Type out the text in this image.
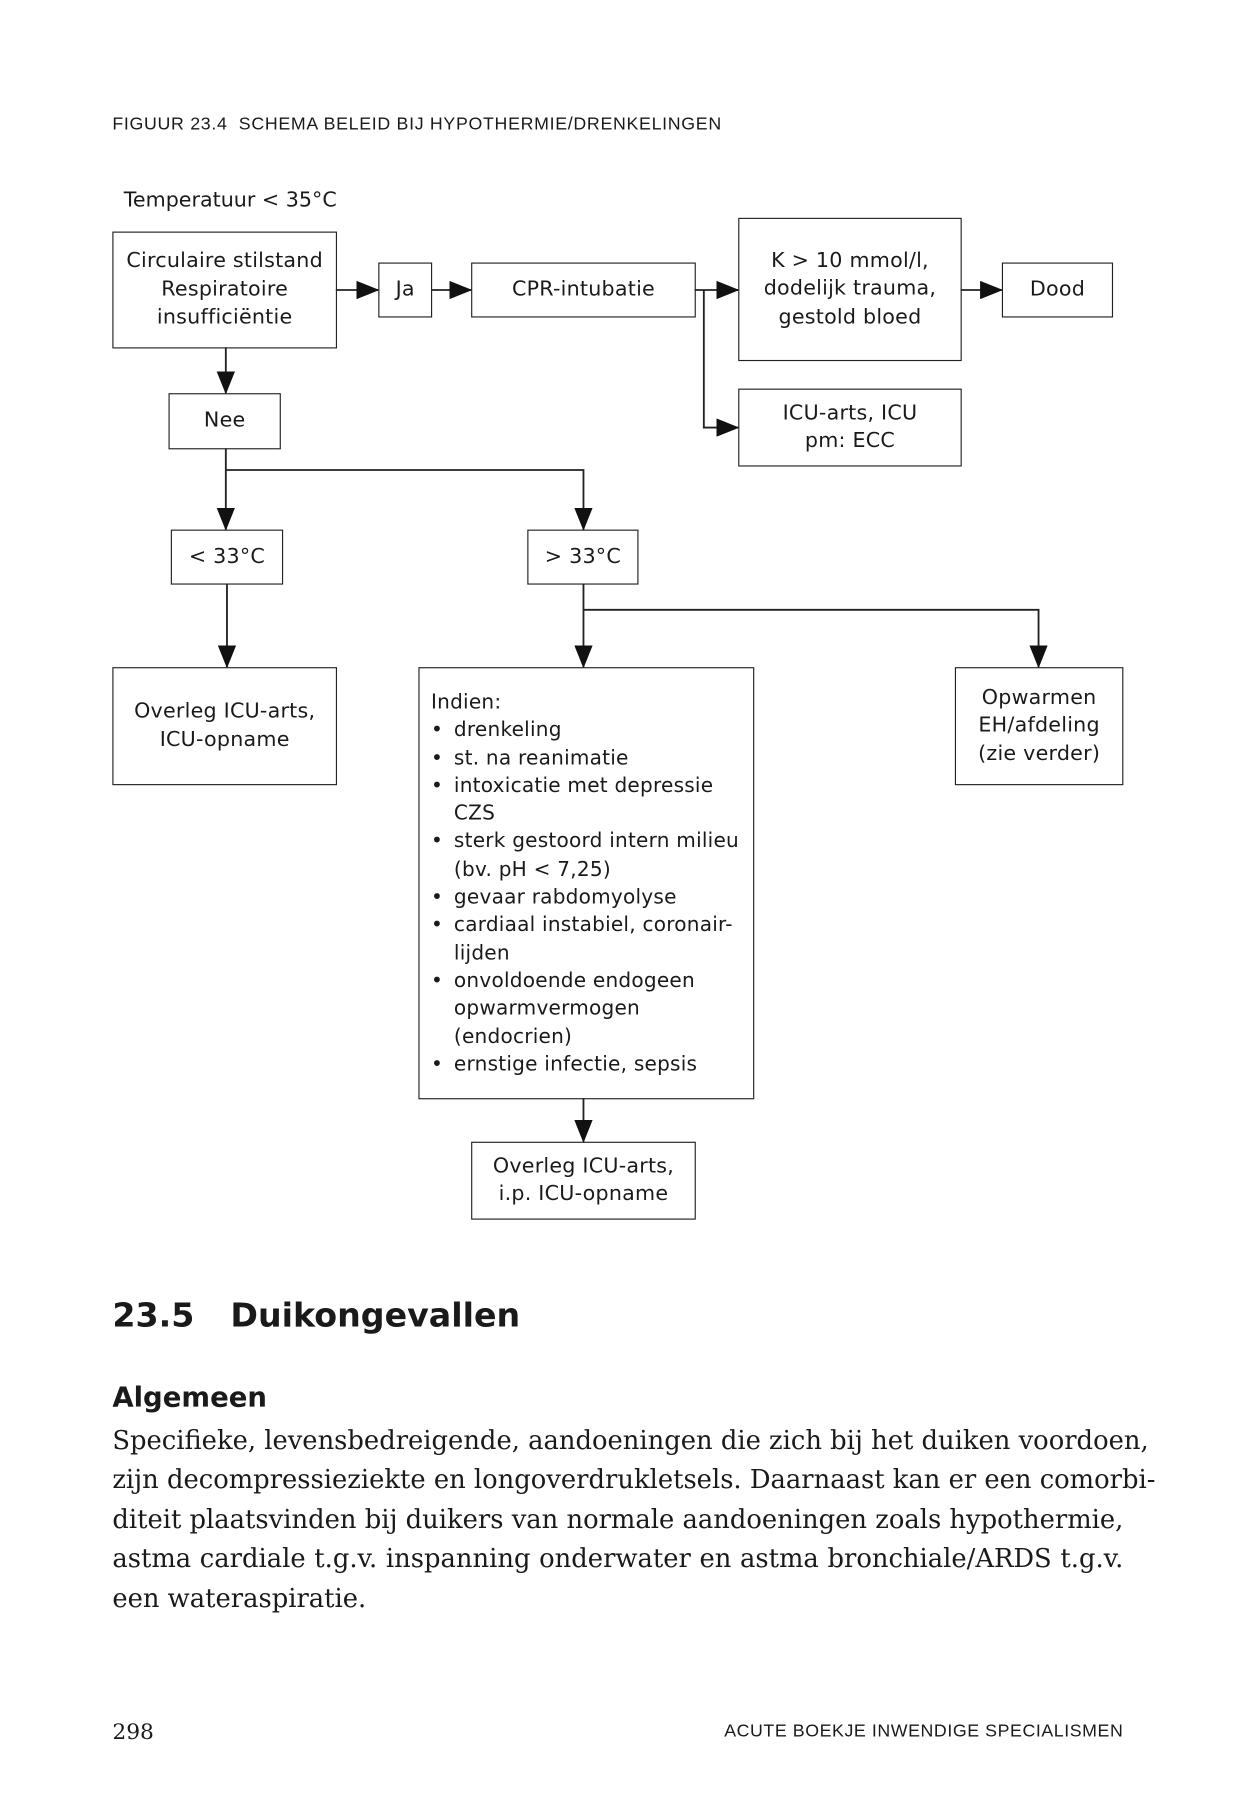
FIGUUR 23.4 SCHEMA BELEID BIJ HYPOTHERMIE/DRENKELINGEN
Temperatuur < 35°C
Circulaire stilstand
Respiratoire
insufficiëntie
Ja	CPR-intubatie
K > 10 mmol/l,
dodelijk trauma,
gestold bloed
Dood
ICU-arts, ICU
pm: ECC
Nee
< 33°C	> 33°C
Overleg ICU-arts,
ICU-opname
Indien:
• drenkeling
• st. na reanimatie
• intoxicatie met depressie
CZS
• sterk gestoord intern milieu
(bv. pH < 7,25)
• gevaar rabdomyolyse
• cardiaal instabiel, coronair-
lijden
• onvoldoende endogeen
opwarmvermogen
(endocrien)
• ernstige infectie, sepsis
Opwarmen
EH/afdeling
(zie verder)
Overleg ICU-arts,
i.p. ICU-opname
23.5 Duikongevallen
Algemeen
Specifieke, levensbedreigende, aandoeningen die zich bij het duiken voordoen,
zijn decompressieziekte en longoverdrukletsels. Daarnaast kan er een comorbi-
diteit plaatsvinden bij duikers van normale aandoeningen zoals hypothermie,
astma cardiale t.g.v. inspanning onderwater en astma bronchiale/ARDS t.g.v.
een wateraspiratie.
298	ACUTE BOEKJE INWENDIGE SPECIALISMEN
